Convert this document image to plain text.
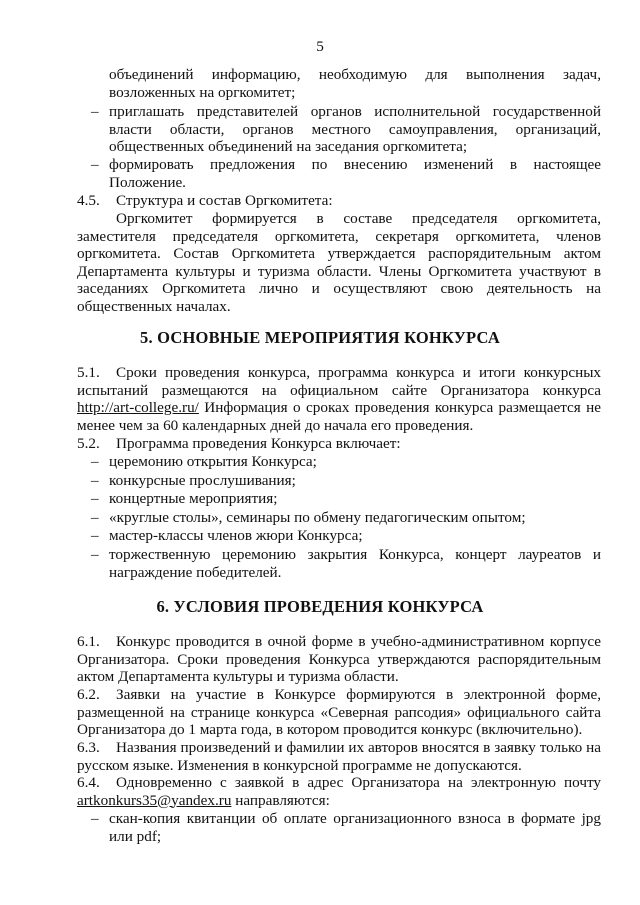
5
объединений информацию, необходимую для выполнения задач,
возложенных на оргкомитет;
– приглашать представителей органов исполнительной государственной власти области, органов местного самоуправления, организаций, общественных объединений на заседания оргкомитета;
– формировать предложения по внесению изменений в настоящее Положение.
4.5. Структура и состав Оргкомитета:
Оргкомитет формируется в составе председателя оргкомитета, заместителя председателя оргкомитета, секретаря оргкомитета, членов оргкомитета. Состав Оргкомитета утверждается распорядительным актом Департамента культуры и туризма области. Члены Оргкомитета участвуют в заседаниях Оргкомитета лично и осуществляют свою деятельность на общественных началах.
5. ОСНОВНЫЕ МЕРОПРИЯТИЯ КОНКУРСА
5.1. Сроки проведения конкурса, программа конкурса и итоги конкурсных испытаний размещаются на официальном сайте Организатора конкурса http://art-college.ru/ Информация о сроках проведения конкурса размещается не менее чем за 60 календарных дней до начала его проведения.
5.2. Программа проведения Конкурса включает:
– церемонию открытия Конкурса;
– конкурсные прослушивания;
– концертные мероприятия;
– «круглые столы», семинары по обмену педагогическим опытом;
– мастер-классы членов жюри Конкурса;
– торжественную церемонию закрытия Конкурса, концерт лауреатов и награждение победителей.
6. УСЛОВИЯ ПРОВЕДЕНИЯ КОНКУРСА
6.1. Конкурс проводится в очной форме в учебно-административном корпусе Организатора. Сроки проведения Конкурса утверждаются распорядительным актом Департамента культуры и туризма области.
6.2. Заявки на участие в Конкурсе формируются в электронной форме, размещенной на странице конкурса «Северная рапсодия» официального сайта Организатора до 1 марта года, в котором проводится конкурс (включительно).
6.3. Названия произведений и фамилии их авторов вносятся в заявку только на русском языке. Изменения в конкурсной программе не допускаются.
6.4. Одновременно с заявкой в адрес Организатора на электронную почту artkonkurs35@yandex.ru направляются:
– скан-копия квитанции об оплате организационного взноса в формате jpg или pdf;
